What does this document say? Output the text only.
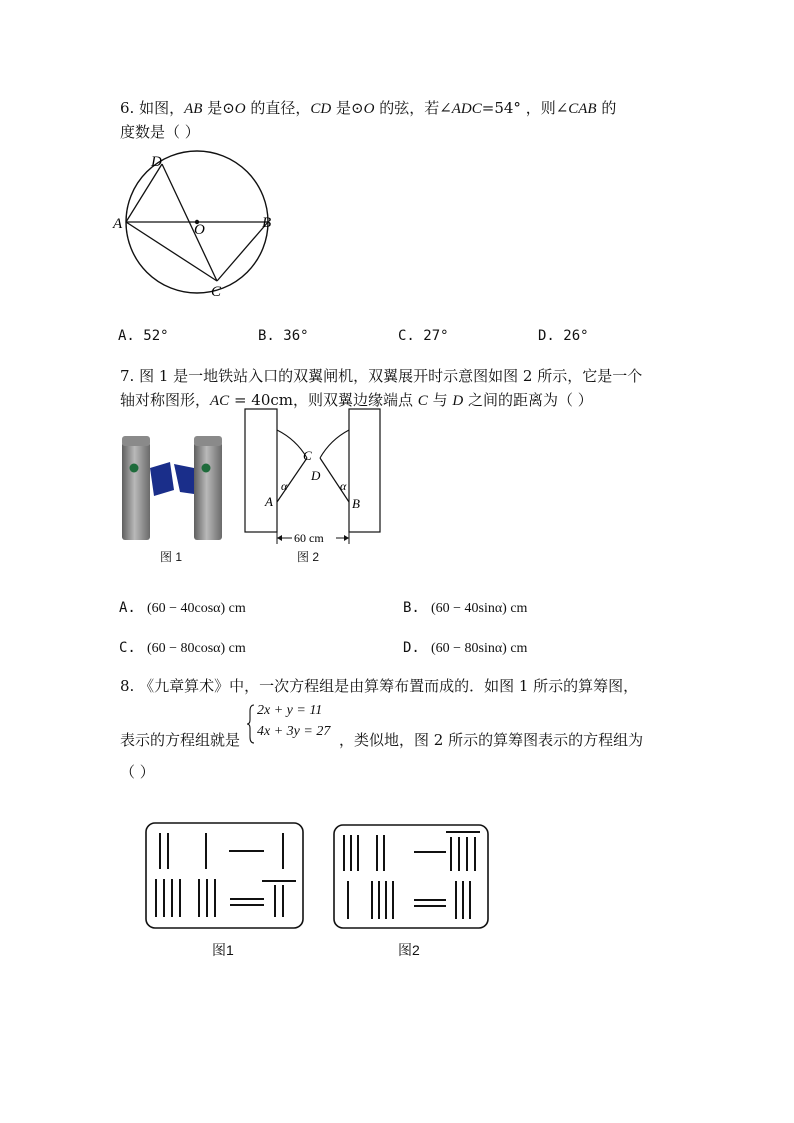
6. 如图，AB 是⊙O 的直径，CD 是⊙O 的弦，若∠ADC=54° ，则∠CAB 的
度数是（ ）
D
A	O	B
C
A. 52°	B. 36°	C. 27°	D. 26°
7. 图 1 是一地铁站入口的双翼闸机，双翼展开时示意图如图 2 所示，它是一个
轴对称图形，AC = 40cm，则双翼边缘端点 C 与 D 之间的距离为（ ）
图 1
A	B
C
D
α	α
60 cm
图 2
A. (60 − 40cosα) cm	B. (60 − 40sinα) cm
C. (60 − 80cosα) cm	D. (60 − 80sinα) cm
8. 《九章算术》中，一次方程组是由算筹布置而成的．如图 1 所示的算筹图，
表示的方程组就是
2x + y = 11
4x + 3y = 27 ，类似地，图 2 所示的算筹图表示的方程组为
（ ）
图1	图2
